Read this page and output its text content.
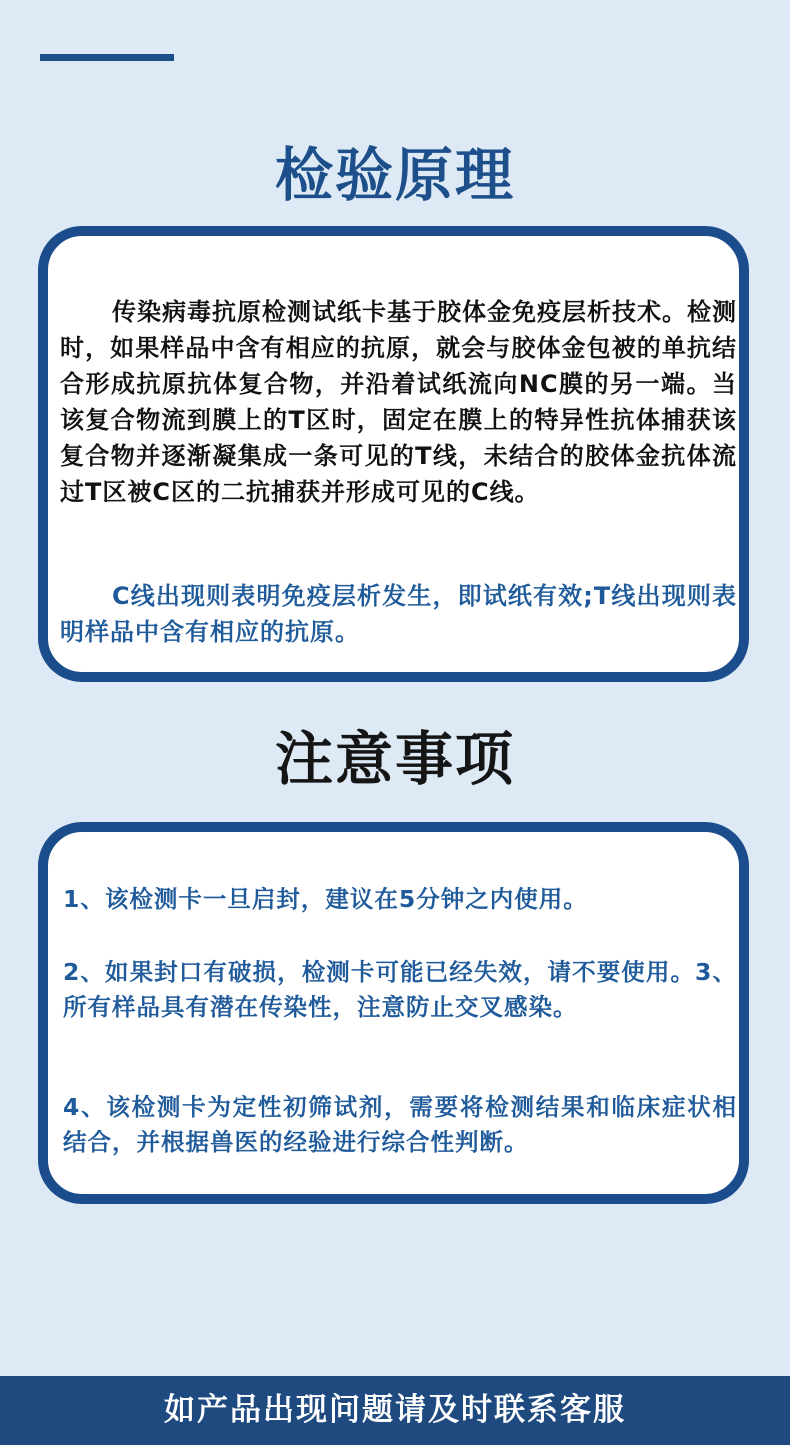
检验原理

传染病毒抗原检测试纸卡基于胶体金免疫层析技术。检测时，如果样品中含有相应的抗原，就会与胶体金包被的单抗结合形成抗原抗体复合物，并沿着试纸流向NC膜的另一端。当该复合物流到膜上的T区时，固定在膜上的特异性抗体捕获该复合物并逐渐凝集成一条可见的T线，未结合的胶体金抗体流过T区被C区的二抗捕获并形成可见的C线。

C线出现则表明免疫层析发生，即试纸有效;T线出现则表明样品中含有相应的抗原。

注意事项

1、该检测卡一旦启封，建议在5分钟之内使用。

2、如果封口有破损，检测卡可能已经失效，请不要使用。3、所有样品具有潜在传染性，注意防止交叉感染。

4、该检测卡为定性初筛试剂，需要将检测结果和临床症状相结合，并根据兽医的经验进行综合性判断。

如产品出现问题请及时联系客服
